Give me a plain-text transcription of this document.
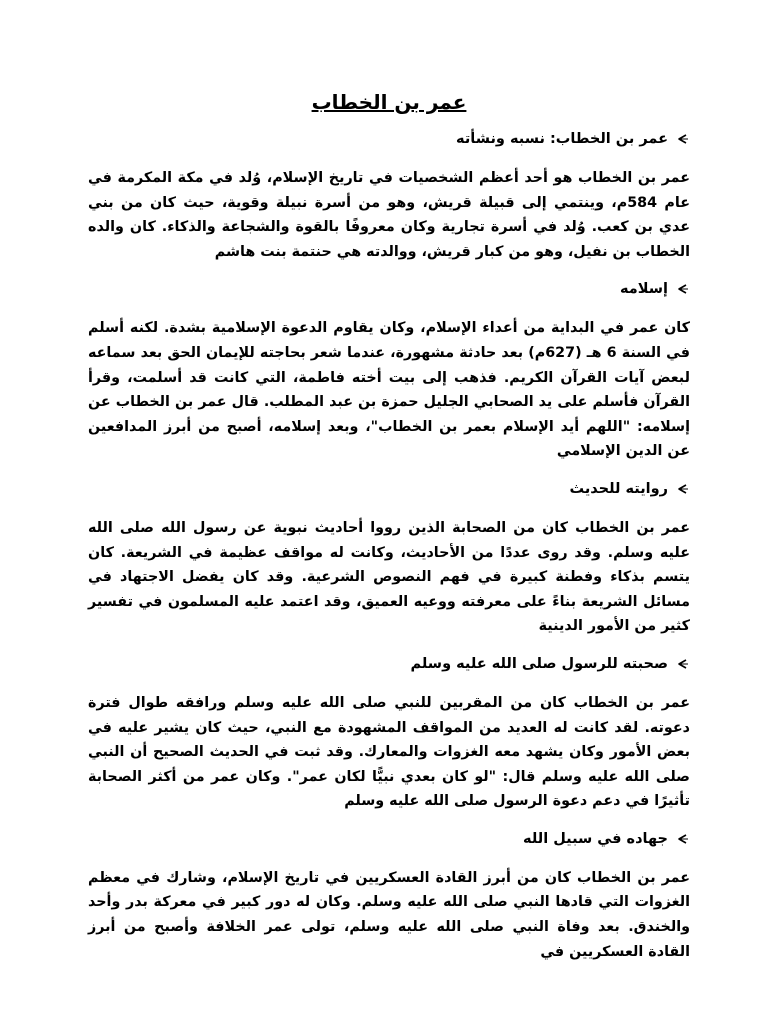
عمر بن الخطاب
عمر بن الخطاب: نسبه ونشأته

عمر بن الخطاب هو أحد أعظم الشخصيات في تاريخ الإسلام، وُلد في مكة المكرمة في عام 584م، وينتمي إلى قبيلة قريش، وهو من أسرة نبيلة وقوية، حيث كان من بني عدي بن كعب. وُلد في أسرة تجارية وكان معروفًا بالقوة والشجاعة والذكاء. كان والده الخطاب بن نفيل، وهو من كبار قريش، ووالدته هي حنتمة بنت هاشم

إسلامه

كان عمر في البداية من أعداء الإسلام، وكان يقاوم الدعوة الإسلامية بشدة. لكنه أسلم في السنة 6 هـ (627م) بعد حادثة مشهورة، عندما شعر بحاجته للإيمان الحق بعد سماعه لبعض آيات القرآن الكريم. فذهب إلى بيت أخته فاطمة، التي كانت قد أسلمت، وقرأ القرآن فأسلم على يد الصحابي الجليل حمزة بن عبد المطلب. قال عمر بن الخطاب عن إسلامه: "اللهم أيد الإسلام بعمر بن الخطاب"، وبعد إسلامه، أصبح من أبرز المدافعين عن الدين الإسلامي

روايته للحديث

عمر بن الخطاب كان من الصحابة الذين رووا أحاديث نبوية عن رسول الله صلى الله عليه وسلم. وقد روى عددًا من الأحاديث، وكانت له مواقف عظيمة في الشريعة. كان يتسم بذكاء وفطنة كبيرة في فهم النصوص الشرعية. وقد كان يفضل الاجتهاد في مسائل الشريعة بناءً على معرفته ووعيه العميق، وقد اعتمد عليه المسلمون في تفسير كثير من الأمور الدينية

صحبته للرسول صلى الله عليه وسلم

عمر بن الخطاب كان من المقربين للنبي صلى الله عليه وسلم ورافقه طوال فترة دعوته. لقد كانت له العديد من المواقف المشهودة مع النبي، حيث كان يشير عليه في بعض الأمور وكان يشهد معه الغزوات والمعارك. وقد ثبت في الحديث الصحيح أن النبي صلى الله عليه وسلم قال: "لو كان بعدي نبيًّا لكان عمر". وكان عمر من أكثر الصحابة تأثيرًا في دعم دعوة الرسول صلى الله عليه وسلم

جهاده في سبيل الله

عمر بن الخطاب كان من أبرز القادة العسكريين في تاريخ الإسلام، وشارك في معظم الغزوات التي قادها النبي صلى الله عليه وسلم. وكان له دور كبير في معركة بدر وأحد والخندق. بعد وفاة النبي صلى الله عليه وسلم، تولى عمر الخلافة وأصبح من أبرز القادة العسكريين في
